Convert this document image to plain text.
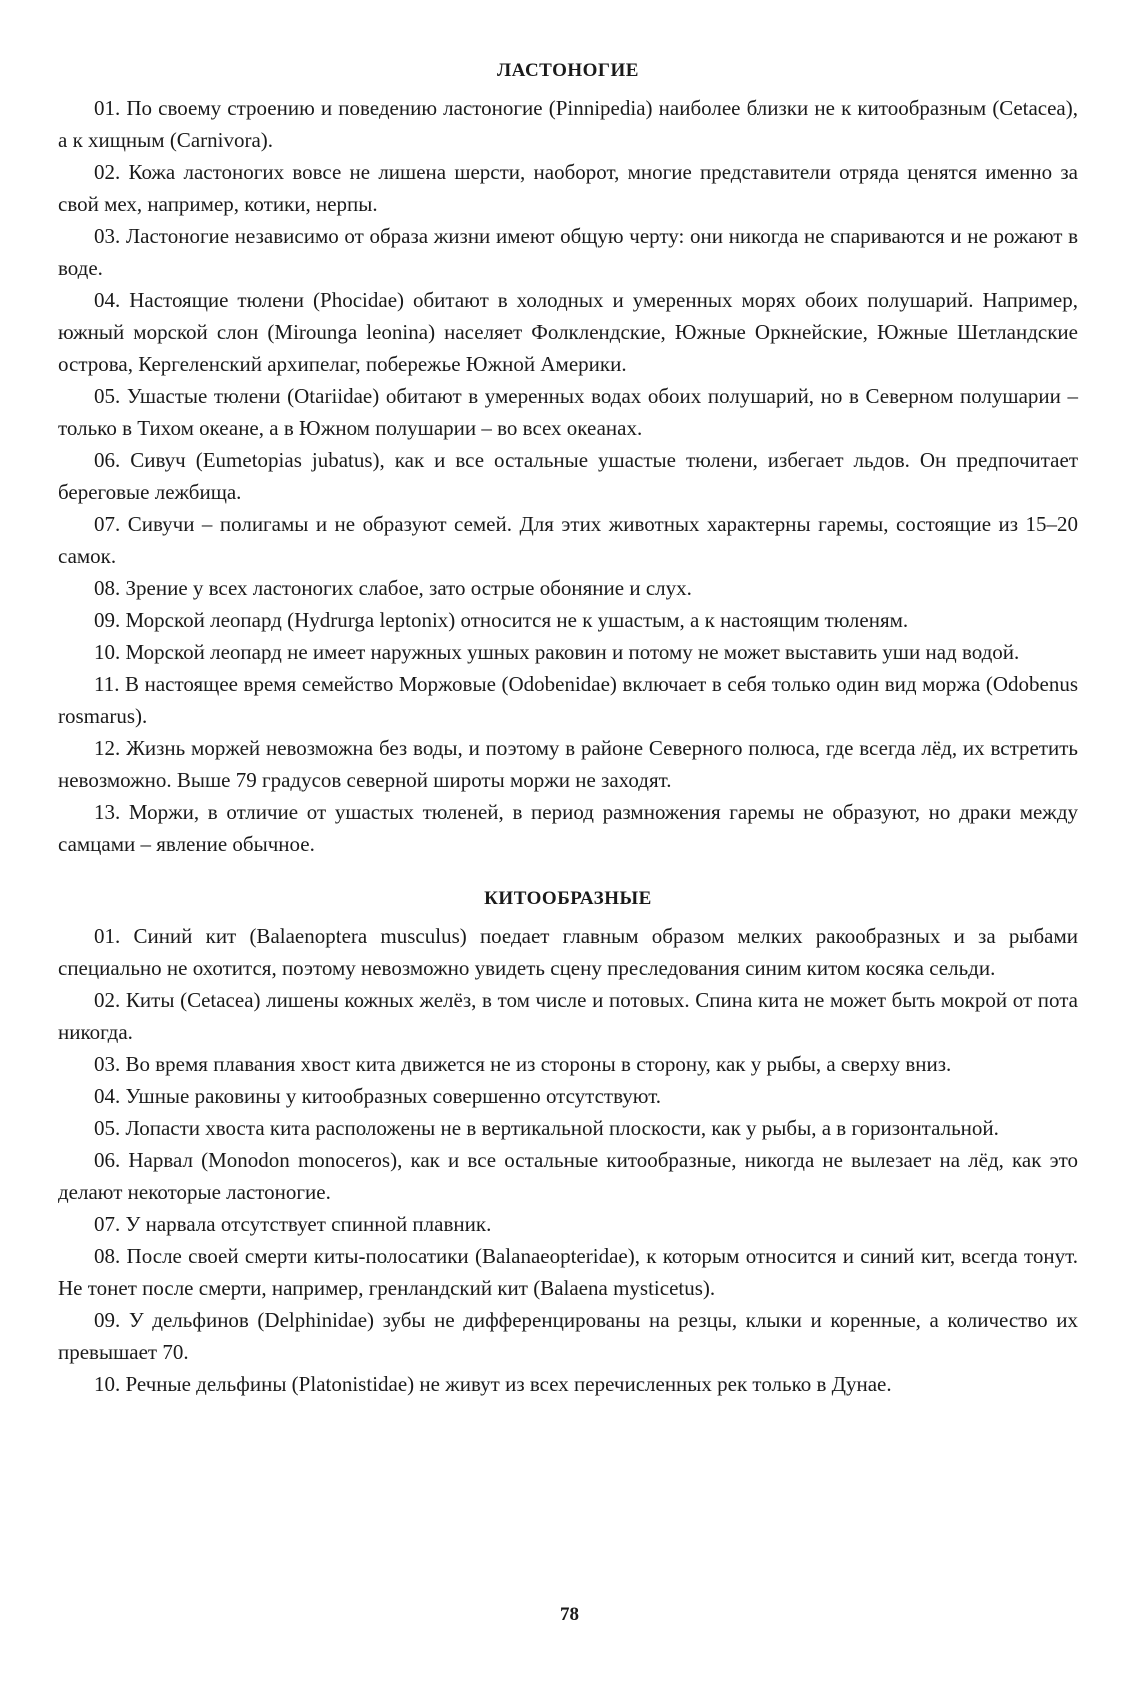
ЛАСТОНОГИЕ

01. По своему строению и поведению ластоногие (Pinnipedia) наиболее близки не к китообразным (Cetacea), а к хищным (Carnivora).

02. Кожа ластоногих вовсе не лишена шерсти, наоборот, многие представители отряда ценятся именно за свой мех, например, котики, нерпы.

03. Ластоногие независимо от образа жизни имеют общую черту: они никогда не спариваются и не рожают в воде.

04. Настоящие тюлени (Phocidae) обитают в холодных и умеренных морях обоих полушарий. Например, южный морской слон (Mirounga leonina) населяет Фолклендские, Южные Оркнейские, Южные Шетландские острова, Кергеленский архипелаг, побережье Южной Америки.

05. Ушастые тюлени (Otariidae) обитают в умеренных водах обоих полушарий, но в Северном полушарии – только в Тихом океане, а в Южном полушарии – во всех океанах.

06. Сивуч (Eumetopias jubatus), как и все остальные ушастые тюлени, избегает льдов. Он предпочитает береговые лежбища.

07. Сивучи – полигамы и не образуют семей. Для этих животных характерны гаремы, состоящие из 15–20 самок.

08. Зрение у всех ластоногих слабое, зато острые обоняние и слух.

09. Морской леопард (Hydrurga leptonix) относится не к ушастым, а к настоящим тюленям.

10. Морской леопард не имеет наружных ушных раковин и потому не может выставить уши над водой.

11. В настоящее время семейство Моржовые (Odobenidae) включает в себя только один вид моржа (Odobenus rosmarus).

12. Жизнь моржей невозможна без воды, и поэтому в районе Северного полюса, где всегда лёд, их встретить невозможно. Выше 79 градусов северной широты моржи не заходят.

13. Моржи, в отличие от ушастых тюленей, в период размножения гаремы не образуют, но драки между самцами – явление обычное.

КИТООБРАЗНЫЕ

01. Синий кит (Balaenoptera musculus) поедает главным образом мелких ракообразных и за рыбами специально не охотится, поэтому невозможно увидеть сцену преследования синим китом косяка сельди.

02. Киты (Cetacea) лишены кожных желёз, в том числе и потовых. Спина кита не может быть мокрой от пота никогда.

03. Во время плавания хвост кита движется не из стороны в сторону, как у рыбы, а сверху вниз.

04. Ушные раковины у китообразных совершенно отсутствуют.

05. Лопасти хвоста кита расположены не в вертикальной плоскости, как у рыбы, а в горизонтальной.

06. Нарвал (Monodon monoceros), как и все остальные китообразные, никогда не вылезает на лёд, как это делают некоторые ластоногие.

07. У нарвала отсутствует спинной плавник.

08. После своей смерти киты-полосатики (Balanaeopteridae), к которым относится и синий кит, всегда тонут. Не тонет после смерти, например, гренландский кит (Balaena mysticetus).

09. У дельфинов (Delphinidae) зубы не дифференцированы на резцы, клыки и коренные, а количество их превышает 70.

10. Речные дельфины (Platonistidae) не живут из всех перечисленных рек только в Дунае.

78
